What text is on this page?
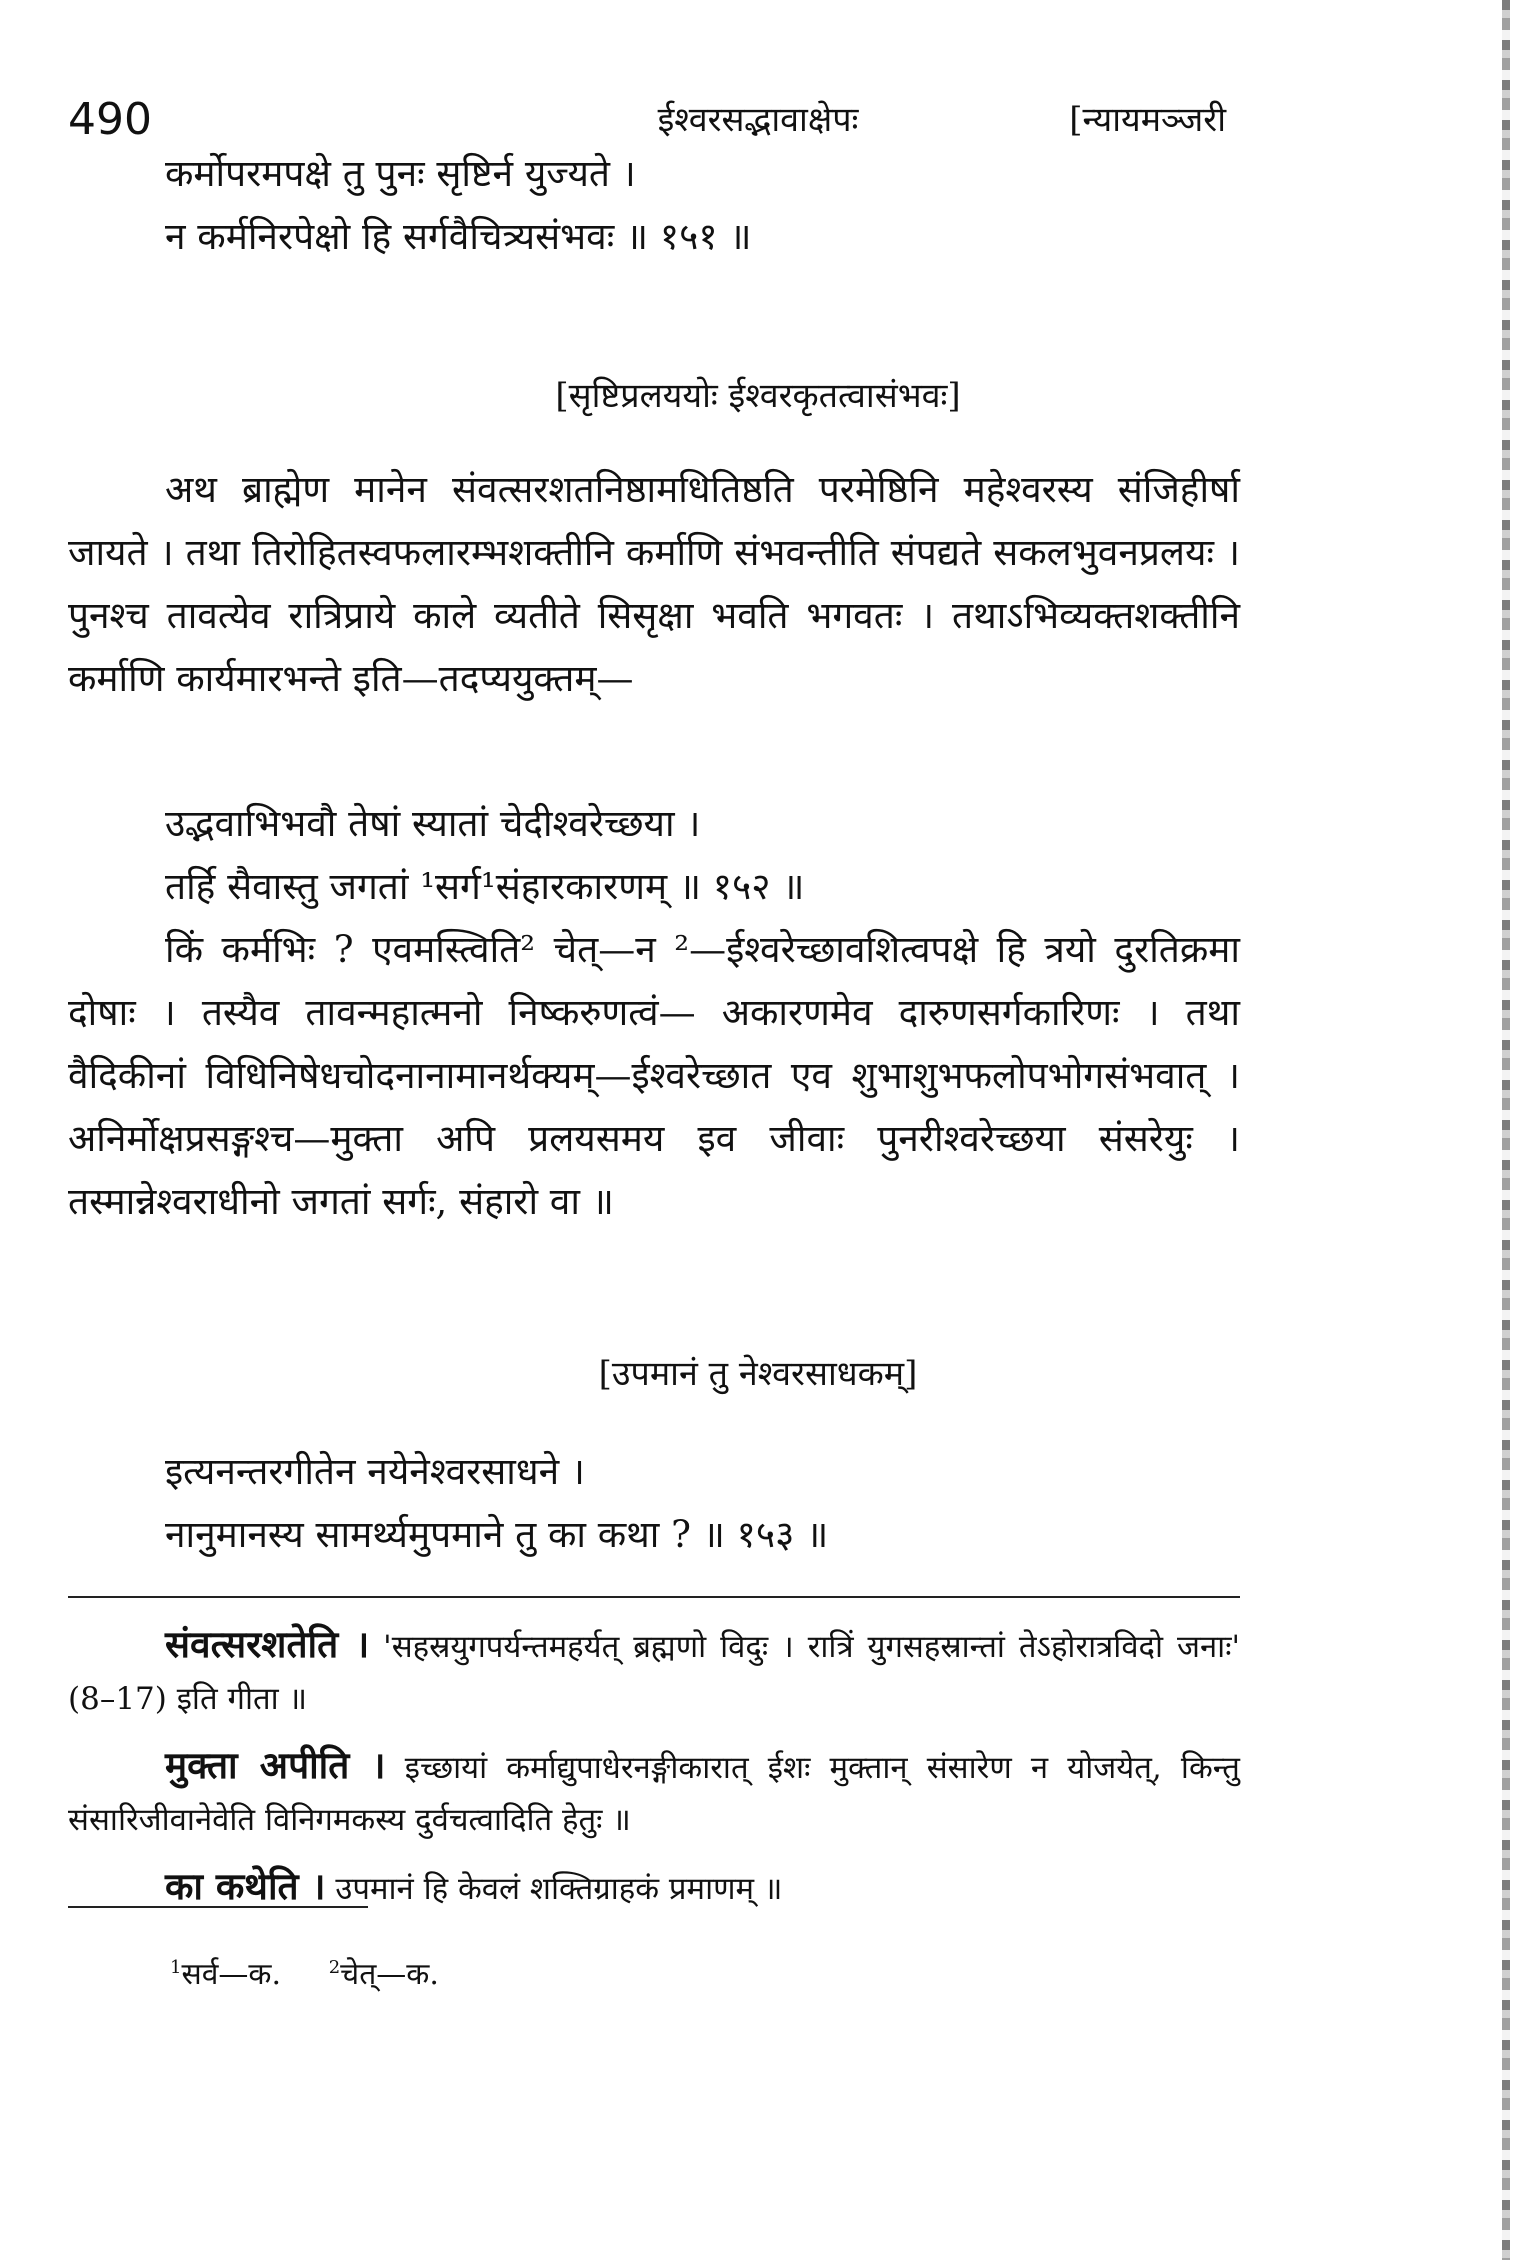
490	ईश्वरसद्भावाक्षेपः	[न्यायमञ्जरी
कर्मोपरमपक्षे तु पुनः सृष्टिर्न युज्यते ।
न कर्मनिरपेक्षो हि सर्गवैचित्र्यसंभवः ॥ १५१ ॥
[सृष्टिप्रलययोः ईश्वरकृतत्वासंभवः]

अथ ब्राह्मेण मानेन संवत्सरशतनिष्ठामधितिष्ठति परमेष्ठिनि महेश्वरस्य संजिहीर्षा जायते । तथा तिरोहितस्वफलारम्भशक्तीनि कर्माणि संभवन्तीति संपद्यते सकलभुवनप्रलयः । पुनश्च तावत्येव रात्रिप्राये काले व्यतीते सिसृक्षा भवति भगवतः । तथाऽभिव्यक्तशक्तीनि कर्माणि कार्यमारभन्ते इति—तदप्ययुक्तम्—

उद्भवाभिभवौ तेषां स्यातां चेदीश्वरेच्छया ।
तर्हि सैवास्तु जगतां ¹सर्ग¹संहारकारणम् ॥ १५२ ॥

किं कर्मभिः ? एवमस्त्विति² चेत्—न ²—ईश्वरेच्छावशित्वपक्षे हि त्रयो दुरतिक्रमा दोषाः । तस्यैव तावन्महात्मनो निष्करुणत्वं— अकारणमेव दारुणसर्गकारिणः । तथा वैदिकीनां विधिनिषेधचोदनानामानर्थक्यम्—ईश्वरेच्छात एव शुभाशुभफलोपभोगसंभवात् । अनिर्मोक्षप्रसङ्गश्च—मुक्ता अपि प्रलयसमय इव जीवाः पुनरीश्वरेच्छया संसरेयुः । तस्मान्नेश्वराधीनो जगतां सर्गः, संहारो वा ॥

[उपमानं तु नेश्वरसाधकम्]
इत्यनन्तरगीतेन नयेनेश्वरसाधने ।
नानुमानस्य सामर्थ्यमुपमाने तु का कथा ? ॥ १५३ ॥

संवत्सरशतेति । 'सहस्रयुगपर्यन्तमहर्यत् ब्रह्मणो विदुः । रात्रिं युगसहस्रान्तां तेऽहोरात्रविदो जनाः' (8–17) इति गीता ॥

मुक्ता अपीति । इच्छायां कर्माद्युपाधेरनङ्गीकारात् ईशः मुक्तान् संसारेण न योजयेत्, किन्तु संसारिजीवानेवेति विनिगमकस्य दुर्वचत्वादिति हेतुः ॥

का कथेति । उपमानं हि केवलं शक्तिग्राहकं प्रमाणम् ॥

$^1$सर्व—क.	$^2$चेत्—क.
